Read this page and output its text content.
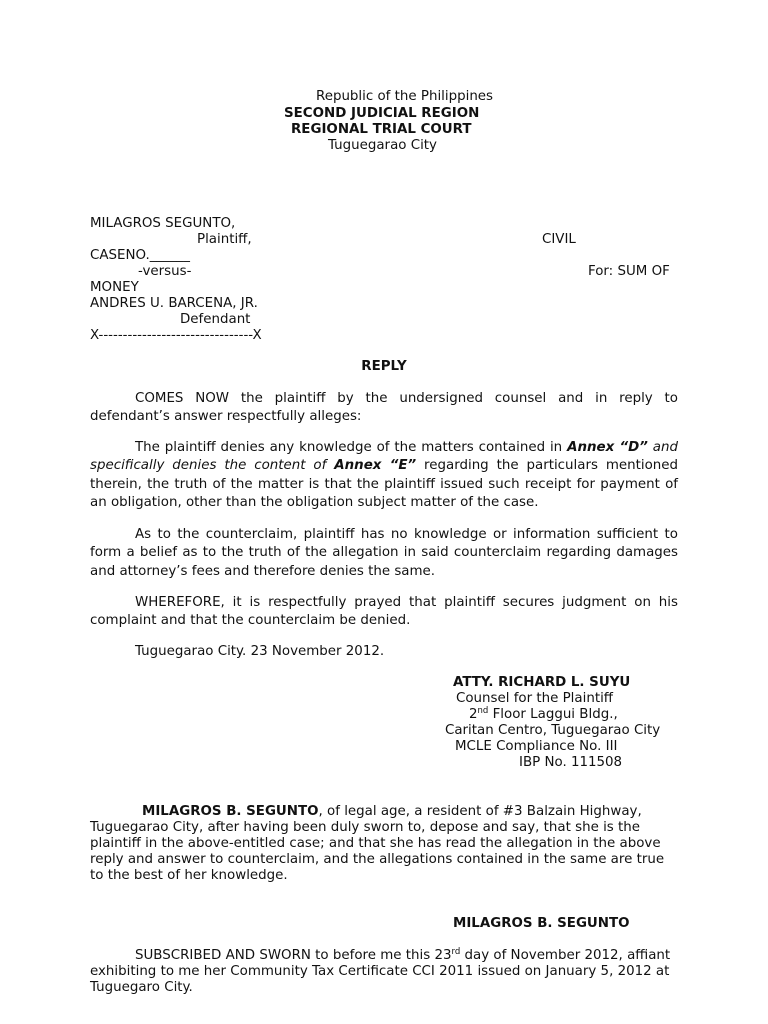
Republic of the Philippines
SECOND JUDICIAL REGION
REGIONAL TRIAL COURT
Tuguegarao City
MILAGROS SEGUNTO,
Plaintiff,	CIVIL
CASENO.______
-versus-	For: SUM OF
MONEY
ANDRES U. BARCENA, JR.
Defendant
X--------------------------------X
REPLY
COMES NOW the plaintiff by the undersigned counsel and in reply to defendant’s answer respectfully alleges:
The plaintiff denies any knowledge of the matters contained in Annex “D” and specifically denies the content of Annex “E” regarding the particulars mentioned therein, the truth of the matter is that the plaintiff issued such receipt for payment of an obligation, other than the obligation subject matter of the case.
As to the counterclaim, plaintiff has no knowledge or information sufficient to form a belief as to the truth of the allegation in said counterclaim regarding damages and attorney’s fees and therefore denies the same.
WHEREFORE, it is respectfully prayed that plaintiff secures judgment on his complaint and that the counterclaim be denied.
Tuguegarao City. 23 November 2012.
ATTY. RICHARD L. SUYU
Counsel for the Plaintiff
2nd Floor Laggui Bldg.,
Caritan Centro, Tuguegarao City
MCLE Compliance No. III
IBP No. 111508
MILAGROS B. SEGUNTO, of legal age, a resident of #3 Balzain Highway, Tuguegarao City, after having been duly sworn to, depose and say, that she is the plaintiff in the above-entitled case; and that she has read the allegation in the above reply and answer to counterclaim, and the allegations contained in the same are true to the best of her knowledge.
MILAGROS B. SEGUNTO
SUBSCRIBED AND SWORN to before me this 23rd day of November 2012, affiant exhibiting to me her Community Tax Certificate CCI 2011 issued on January 5, 2012 at Tuguegaro City.
